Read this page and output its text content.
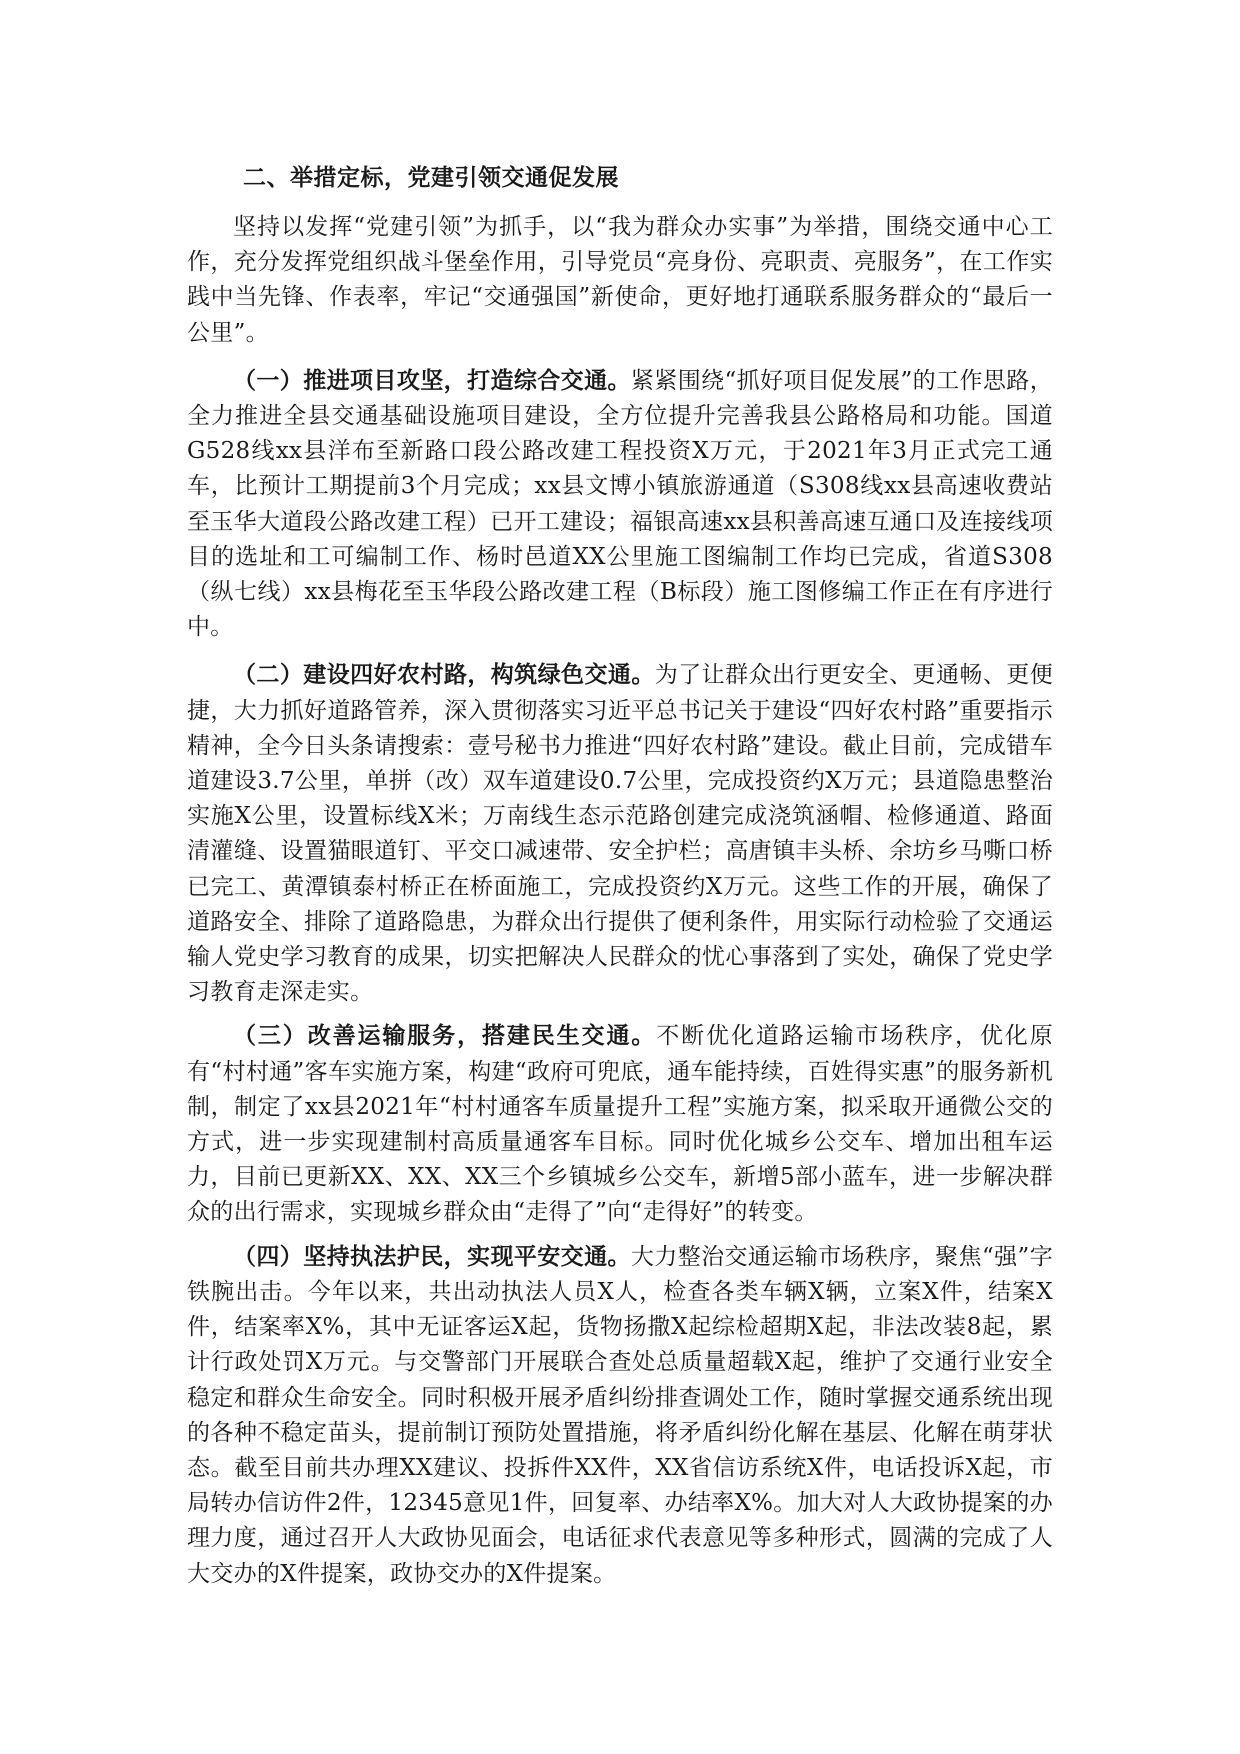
二、举措定标，党建引领交通促发展

坚持以发挥“党建引领”为抓手，以“我为群众办实事”为举措，围绕交通中心工作，充分发挥党组织战斗堡垒作用，引导党员“亮身份、亮职责、亮服务”，在工作实践中当先锋、作表率，牢记“交通强国”新使命，更好地打通联系服务群众的“最后一公里”。

（一）推进项目攻坚，打造综合交通。紧紧围绕“抓好项目促发展”的工作思路，全力推进全县交通基础设施项目建设，全方位提升完善我县公路格局和功能。国道G528线xx县洋布至新路口段公路改建工程投资X万元，于2021年3月正式完工通车，比预计工期提前3个月完成；xx县文博小镇旅游通道（S308线xx县高速收费站至玉华大道段公路改建工程）已开工建设；福银高速xx县积善高速互通口及连接线项目的选址和工可编制工作、杨时邑道XX公里施工图编制工作均已完成，省道S308（纵七线）xx县梅花至玉华段公路改建工程（B标段）施工图修编工作正在有序进行中。

（二）建设四好农村路，构筑绿色交通。为了让群众出行更安全、更通畅、更便捷，大力抓好道路管养，深入贯彻落实习近平总书记关于建设“四好农村路”重要指示精神，全今日头条请搜索：壹号秘书力推进“四好农村路”建设。截止目前，完成错车道建设3.7公里，单拼（改）双车道建设0.7公里，完成投资约X万元；县道隐患整治实施X公里，设置标线X米；万南线生态示范路创建完成浇筑涵帽、检修通道、路面清灌缝、设置猫眼道钉、平交口减速带、安全护栏；高唐镇丰头桥、余坊乡马嘶口桥已完工、黄潭镇泰村桥正在桥面施工，完成投资约X万元。这些工作的开展，确保了道路安全、排除了道路隐患，为群众出行提供了便利条件，用实际行动检验了交通运输人党史学习教育的成果，切实把解决人民群众的忧心事落到了实处，确保了党史学习教育走深走实。

（三）改善运输服务，搭建民生交通。不断优化道路运输市场秩序，优化原有“村村通”客车实施方案，构建“政府可兜底，通车能持续，百姓得实惠”的服务新机制，制定了xx县2021年“村村通客车质量提升工程”实施方案，拟采取开通微公交的方式，进一步实现建制村高质量通客车目标。同时优化城乡公交车、增加出租车运力，目前已更新XX、XX、XX三个乡镇城乡公交车，新增5部小蓝车，进一步解决群众的出行需求，实现城乡群众由“走得了”向“走得好”的转变。

（四）坚持执法护民，实现平安交通。大力整治交通运输市场秩序，聚焦“强”字铁腕出击。今年以来，共出动执法人员X人，检查各类车辆X辆，立案X件，结案X件，结案率X%，其中无证客运X起，货物扬撒X起综检超期X起，非法改装8起，累计行政处罚X万元。与交警部门开展联合查处总质量超载X起，维护了交通行业安全稳定和群众生命安全。同时积极开展矛盾纠纷排查调处工作，随时掌握交通系统出现的各种不稳定苗头，提前制订预防处置措施，将矛盾纠纷化解在基层、化解在萌芽状态。截至目前共办理XX建议、投拆件XX件，XX省信访系统X件，电话投诉X起，市局转办信访件2件，12345意见1件，回复率、办结率X%。加大对人大政协提案的办理力度，通过召开人大政协见面会，电话征求代表意见等多种形式，圆满的完成了人大交办的X件提案，政协交办的X件提案。
